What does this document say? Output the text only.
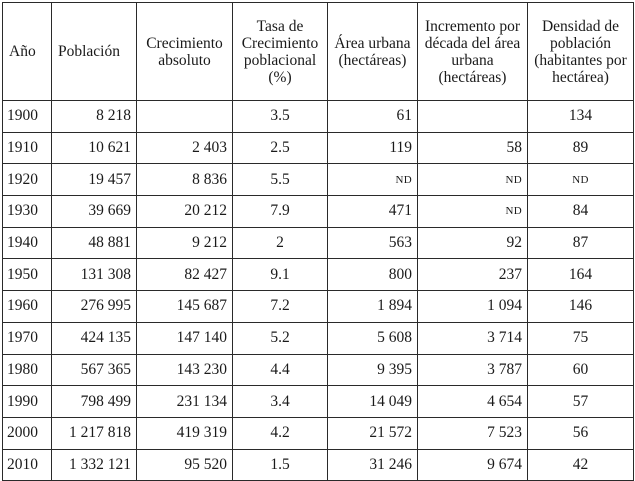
Año	Población	Crecimiento absoluto	Tasa de Crecimiento poblacional (%)	Área urbana (hectáreas)	Incremento por década del área urbana (hectáreas)	Densidad de población (habitantes por hectárea)
1900	8 218		3.5	61		134
1910	10 621	2 403	2.5	119	58	89
1920	19 457	8 836	5.5	ND	ND	ND
1930	39 669	20 212	7.9	471	ND	84
1940	48 881	9 212	2	563	92	87
1950	131 308	82 427	9.1	800	237	164
1960	276 995	145 687	7.2	1 894	1 094	146
1970	424 135	147 140	5.2	5 608	3 714	75
1980	567 365	143 230	4.4	9 395	3 787	60
1990	798 499	231 134	3.4	14 049	4 654	57
2000	1 217 818	419 319	4.2	21 572	7 523	56
2010	1 332 121	95 520	1.5	31 246	9 674	42
